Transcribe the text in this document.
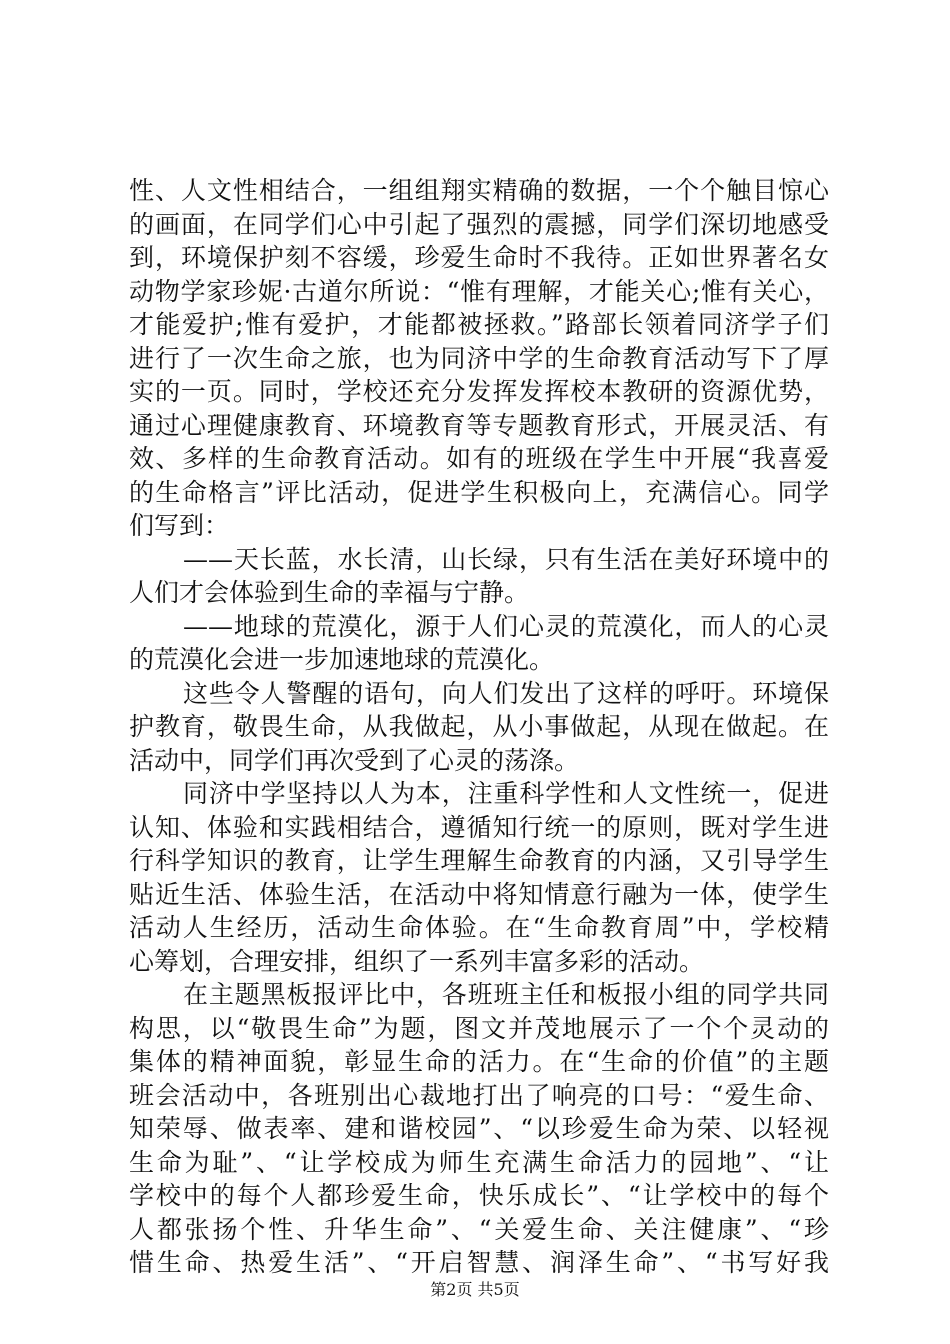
性、人文性相结合，一组组翔实精确的数据，一个个触目惊心
的画面，在同学们心中引起了强烈的震撼，同学们深切地感受
到，环境保护刻不容缓，珍爱生命时不我待。正如世界著名女
动物学家珍妮·古道尔所说：“惟有理解，才能关心;惟有关心，
才能爱护;惟有爱护，才能都被拯救。”路部长领着同济学子们
进行了一次生命之旅，也为同济中学的生命教育活动写下了厚
实的一页。同时，学校还充分发挥发挥校本教研的资源优势，
通过心理健康教育、环境教育等专题教育形式，开展灵活、有
效、多样的生命教育活动。如有的班级在学生中开展“我喜爱
的生命格言”评比活动，促进学生积极向上，充满信心。同学
们写到：
——天长蓝，水长清，山长绿，只有生活在美好环境中的
人们才会体验到生命的幸福与宁静。
——地球的荒漠化，源于人们心灵的荒漠化，而人的心灵
的荒漠化会进一步加速地球的荒漠化。
这些令人警醒的语句，向人们发出了这样的呼吁。环境保
护教育，敬畏生命，从我做起，从小事做起，从现在做起。在
活动中，同学们再次受到了心灵的荡涤。
同济中学坚持以人为本，注重科学性和人文性统一，促进
认知、体验和实践相结合，遵循知行统一的原则，既对学生进
行科学知识的教育，让学生理解生命教育的内涵，又引导学生
贴近生活、体验生活，在活动中将知情意行融为一体，使学生
活动人生经历，活动生命体验。在“生命教育周”中，学校精
心筹划，合理安排，组织了一系列丰富多彩的活动。
在主题黑板报评比中，各班班主任和板报小组的同学共同
构思，以“敬畏生命”为题，图文并茂地展示了一个个灵动的
集体的精神面貌，彰显生命的活力。在“生命的价值”的主题
班会活动中，各班别出心裁地打出了响亮的口号：“爱生命、
知荣辱、做表率、建和谐校园”、“以珍爱生命为荣、以轻视
生命为耻”、“让学校成为师生充满生命活力的园地”、“让
学校中的每个人都珍爱生命，快乐成长”、“让学校中的每个
人都张扬个性、升华生命”、“关爱生命、关注健康”、“珍
惜生命、热爱生活”、“开启智慧、润泽生命”、“书写好我
第2页 共5页
